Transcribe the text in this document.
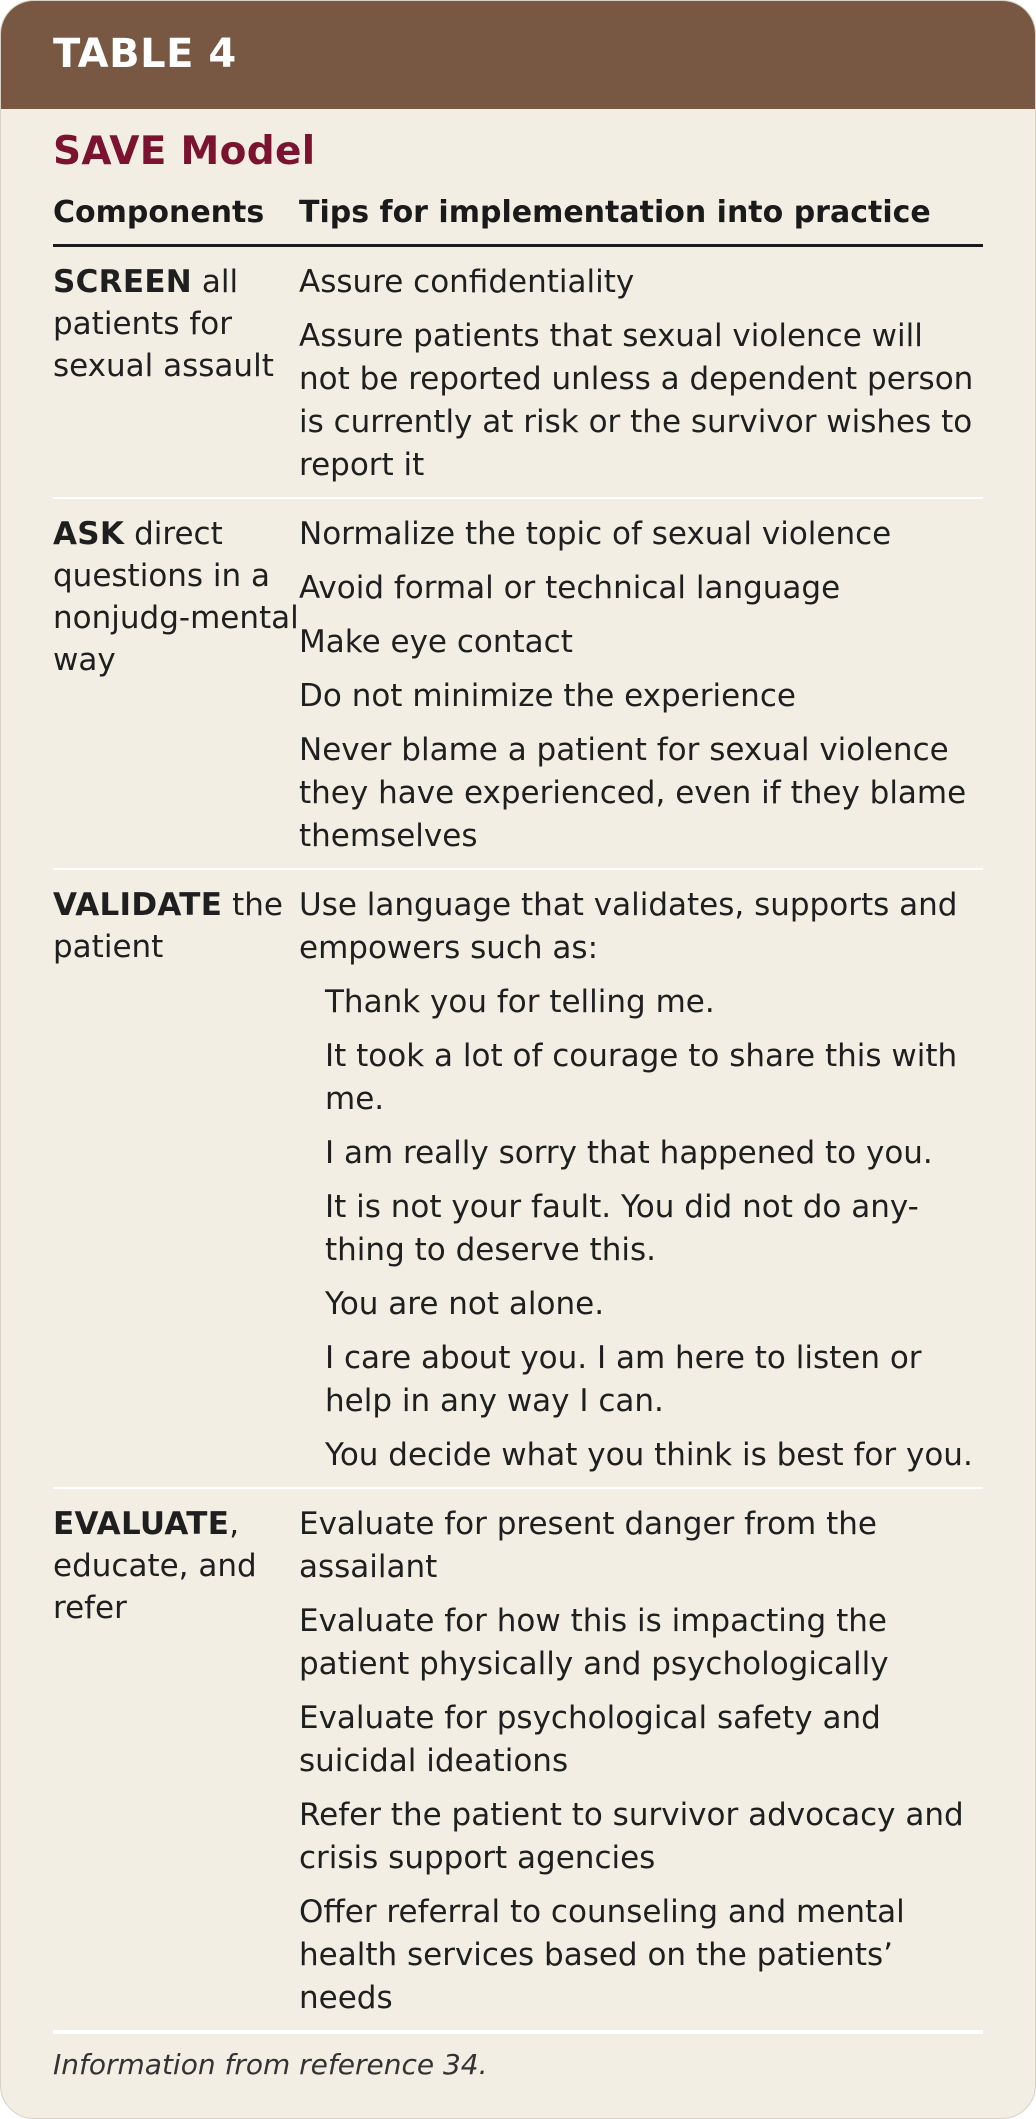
TABLE 4
SAVE Model
Components	Tips for implementation into practice
SCREEN all patients for sexual assault
Assure confidentiality
Assure patients that sexual violence will not be reported unless a dependent person is currently at risk or the survivor wishes to report it
ASK direct questions in a nonjudg-mental way
Normalize the topic of sexual violence
Avoid formal or technical language
Make eye contact
Do not minimize the experience
Never blame a patient for sexual violence they have experienced, even if they blame themselves
VALIDATE the patient
Use language that validates, supports and empowers such as:
Thank you for telling me.
It took a lot of courage to share this with me.
I am really sorry that happened to you.
It is not your fault. You did not do any-thing to deserve this.
You are not alone.
I care about you. I am here to listen or help in any way I can.
You decide what you think is best for you.
EVALUATE, educate, and refer
Evaluate for present danger from the assailant
Evaluate for how this is impacting the patient physically and psychologically
Evaluate for psychological safety and suicidal ideations
Refer the patient to survivor advocacy and crisis support agencies
Offer referral to counseling and mental health services based on the patients’ needs
Information from reference 34.
